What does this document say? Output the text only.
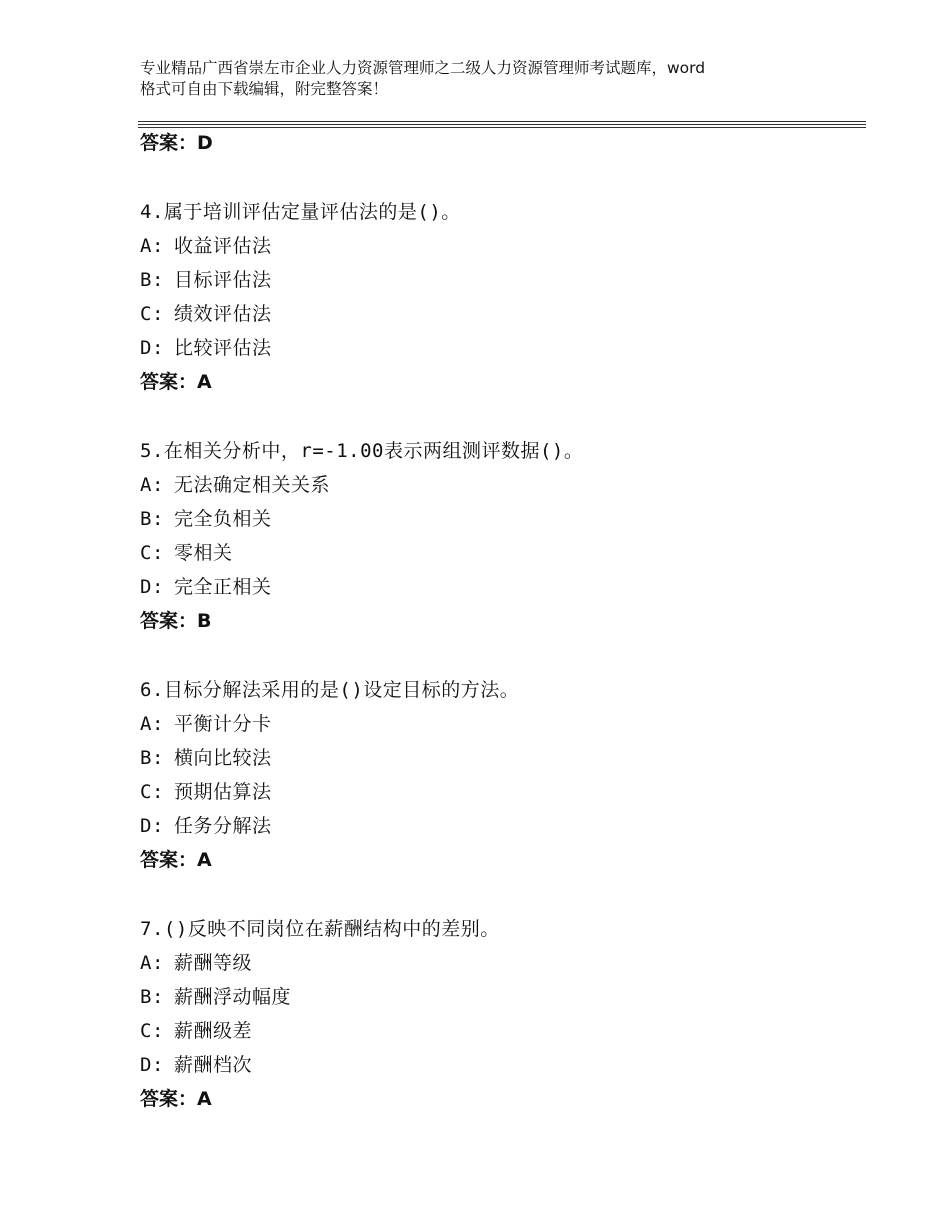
专业精品广西省崇左市企业人力资源管理师之二级人力资源管理师考试题库，word
格式可自由下载编辑，附完整答案！
答案：D
4.属于培训评估定量评估法的是()。
A: 收益评估法
B: 目标评估法
C: 绩效评估法
D: 比较评估法
答案：A
5.在相关分析中，r=-1.00表示两组测评数据()。
A: 无法确定相关关系
B: 完全负相关
C: 零相关
D: 完全正相关
答案：B
6.目标分解法采用的是()设定目标的方法。
A: 平衡计分卡
B: 横向比较法
C: 预期估算法
D: 任务分解法
答案：A
7.()反映不同岗位在薪酬结构中的差别。
A: 薪酬等级
B: 薪酬浮动幅度
C: 薪酬级差
D: 薪酬档次
答案：A
